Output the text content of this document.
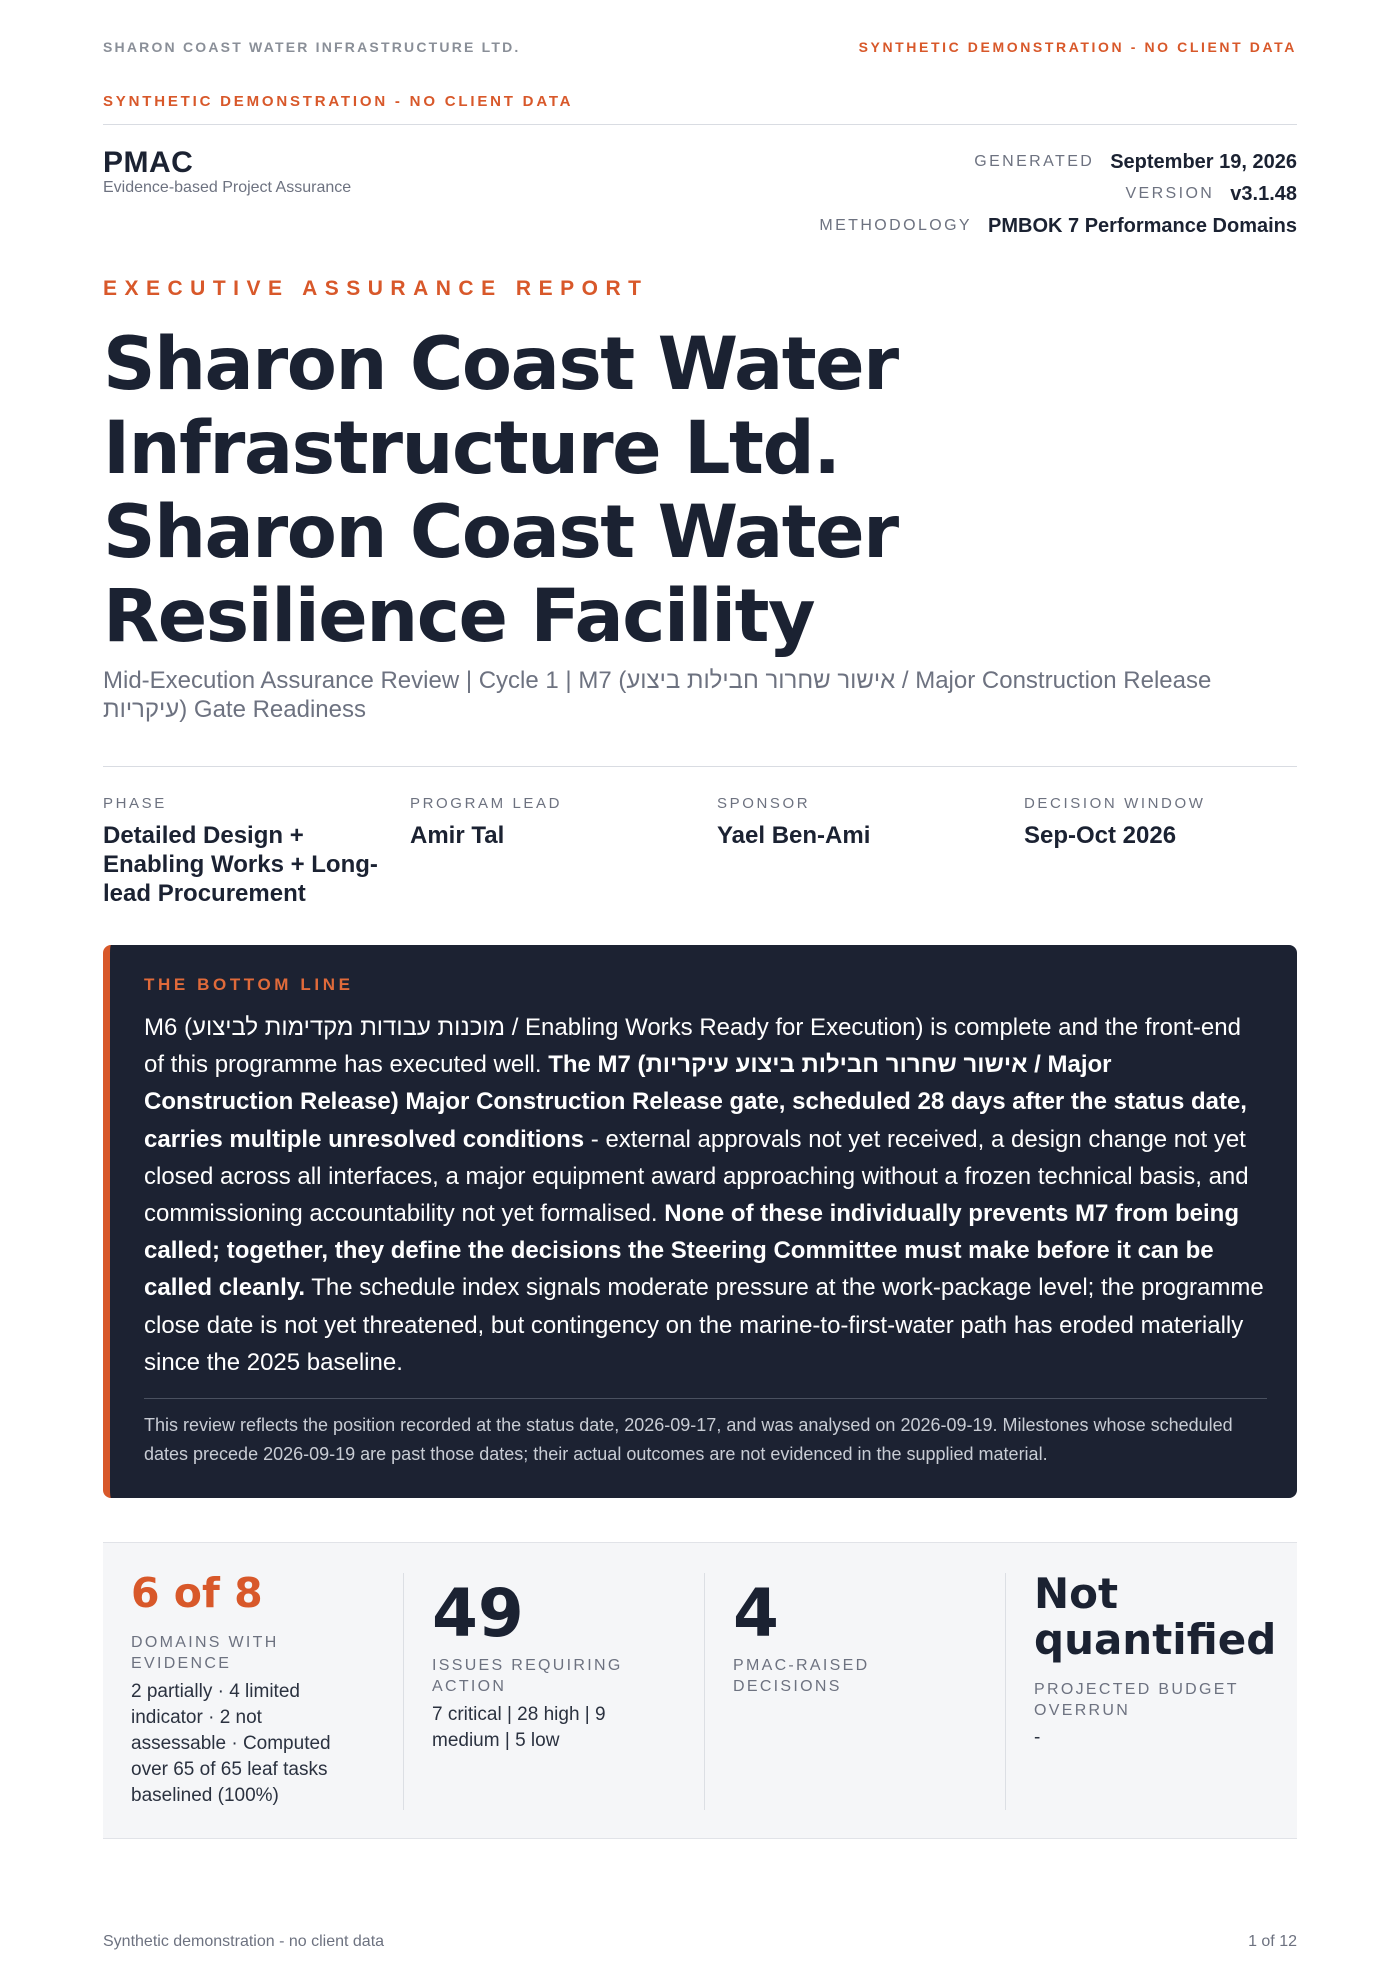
SHARON COAST WATER INFRASTRUCTURE LTD.	SYNTHETIC DEMONSTRATION - NO CLIENT DATA
SYNTHETIC DEMONSTRATION - NO CLIENT DATA
PMAC
Evidence-based Project Assurance
GENERATED September 19, 2026
VERSION v3.1.48
METHODOLOGY PMBOK 7 Performance Domains
EXECUTIVE ASSURANCE REPORT
Sharon Coast Water
Infrastructure Ltd.
Sharon Coast Water
Resilience Facility
Mid-Execution Assurance Review | Cycle 1 | M7 (אישור שחרור חבילות ביצוע / Major Construction Release
עיקריות) Gate Readiness
PHASE
Detailed Design + Enabling Works + Long-lead Procurement
PROGRAM LEAD
Amir Tal
SPONSOR
Yael Ben-Ami
DECISION WINDOW
Sep-Oct 2026
THE BOTTOM LINE
M6 (מוכנות עבודות מקדימות לביצוע / Enabling Works Ready for Execution) is complete and the front-end of this programme has executed well. The M7 (אישור שחרור חבילות ביצוע עיקריות / Major Construction Release) Major Construction Release gate, scheduled 28 days after the status date, carries multiple unresolved conditions - external approvals not yet received, a design change not yet closed across all interfaces, a major equipment award approaching without a frozen technical basis, and commissioning accountability not yet formalised. None of these individually prevents M7 from being called; together, they define the decisions the Steering Committee must make before it can be called cleanly. The schedule index signals moderate pressure at the work-package level; the programme close date is not yet threatened, but contingency on the marine-to-first-water path has eroded materially since the 2025 baseline.
This review reflects the position recorded at the status date, 2026-09-17, and was analysed on 2026-09-19. Milestones whose scheduled dates precede 2026-09-19 are past those dates; their actual outcomes are not evidenced in the supplied material.
6 of 8
DOMAINS WITH EVIDENCE
2 partially · 4 limited indicator · 2 not assessable · Computed over 65 of 65 leaf tasks baselined (100%)
49
ISSUES REQUIRING ACTION
7 critical | 28 high | 9 medium | 5 low
4
PMAC-RAISED DECISIONS
Not quantified
PROJECTED BUDGET OVERRUN
-
Synthetic demonstration - no client data	1 of 12
